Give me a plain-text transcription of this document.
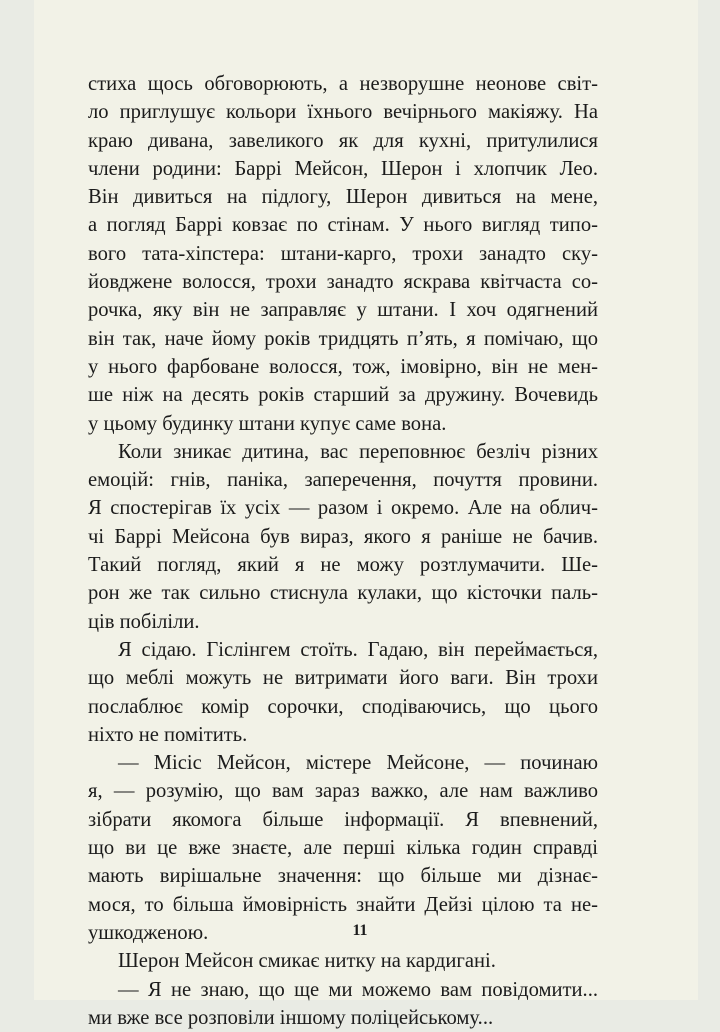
стиха щось обговорюють, а незворушне неонове світ-
ло приглушує кольори їхнього вечірнього макіяжу. На
краю дивана, завеликого як для кухні, притулилися
члени родини: Баррі Мейсон, Шерон і хлопчик Лео.
Він дивиться на підлогу, Шерон дивиться на мене,
а погляд Баррі ковзає по стінам. У нього вигляд типо-
вого тата-хіпстера: штани-карго, трохи занадто ску-
йовджене волосся, трохи занадто яскрава квітчаста со-
рочка, яку він не заправляє у штани. І хоч одягнений
він так, наче йому років тридцять п’ять, я помічаю, що
у нього фарбоване волосся, тож, імовірно, він не мен-
ше ніж на десять років старший за дружину. Вочевидь
у цьому будинку штани купує саме вона.
Коли зникає дитина, вас переповнює безліч різних
емоцій: гнів, паніка, заперечення, почуття провини.
Я спостерігав їх усіх — разом і окремо. Але на облич-
чі Баррі Мейсона був вираз, якого я раніше не бачив.
Такий погляд, який я не можу розтлумачити. Ше-
рон же так сильно стиснула кулаки, що кісточки паль-
ців побіліли.
Я сідаю. Гіслінгем стоїть. Гадаю, він переймається,
що меблі можуть не витримати його ваги. Він трохи
послаблює комір сорочки, сподіваючись, що цього
ніхто не помітить.
— Місіс Мейсон, містере Мейсоне, — починаю
я, — розумію, що вам зараз важко, але нам важливо
зібрати якомога більше інформації. Я впевнений,
що ви це вже знаєте, але перші кілька годин справді
мають вирішальне значення: що більше ми дізнає-
мося, то більша ймовірність знайти Дейзі цілою та не-
ушкодженою.
Шерон Мейсон смикає нитку на кардигані.
— Я не знаю, що ще ми можемо вам повідомити...
ми вже все розповіли іншому поліцейському...
11
